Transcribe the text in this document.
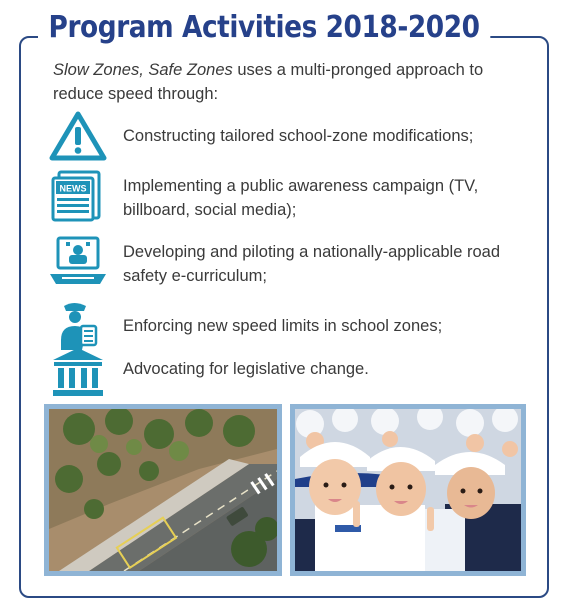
Program Activities 2018-2020
Slow Zones, Safe Zones uses a multi-pronged approach to reduce speed through:
Constructing tailored school-zone modifications;
NEWS Implementing a public awareness campaign (TV, billboard, social media);
Developing and piloting a nationally-applicable road safety e-curriculum;
Enforcing new speed limits in school zones;
Advocating for legislative change.
